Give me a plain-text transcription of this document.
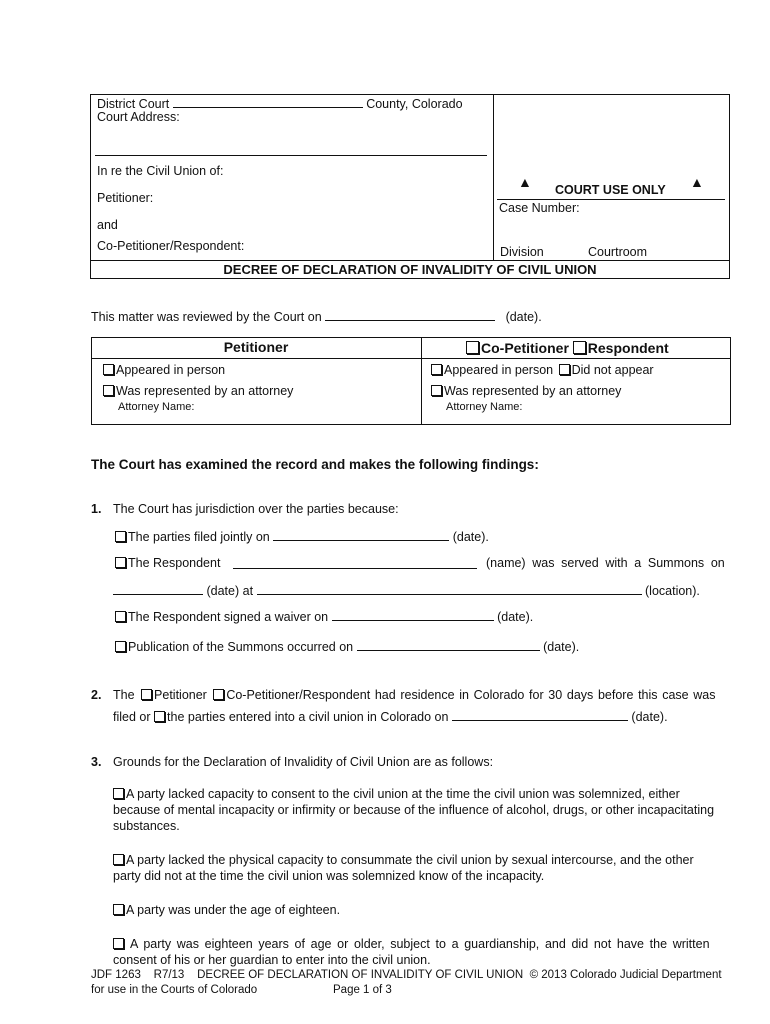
District Court	County, Colorado
Court Address:
In re the Civil Union of:
Petitioner:
and
Co-Petitioner/Respondent:
▲ COURT USE ONLY ▲
Case Number:
Division	Courtroom
DECREE OF DECLARATION OF INVALIDITY OF CIVIL UNION
This matter was reviewed by the Court on	(date).
Petitioner	Co-Petitioner Respondent
Appeared in person
Was represented by an attorney
Attorney Name:
Appeared in person Did not appear
Was represented by an attorney
Attorney Name:
The Court has examined the record and makes the following findings:
1. The Court has jurisdiction over the parties because:
The parties filed jointly on	(date).
The Respondent	(name) was served with a Summons on
(date) at	(location).
The Respondent signed a waiver on	(date).
Publication of the Summons occurred on	(date).
2. The Petitioner Co-Petitioner/Respondent had residence in Colorado for 30 days before this case was
filed or the parties entered into a civil union in Colorado on	(date).
3. Grounds for the Declaration of Invalidity of Civil Union are as follows:
A party lacked capacity to consent to the civil union at the time the civil union was solemnized, either because of mental incapacity or infirmity or because of the influence of alcohol, drugs, or other incapacitating substances.
A party lacked the physical capacity to consummate the civil union by sexual intercourse, and the other party did not at the time the civil union was solemnized know of the incapacity.
A party was under the age of eighteen.
A party was eighteen years of age or older, subject to a guardianship, and did not have the written
consent of his or her guardian to enter into the civil union.
JDF 1263    R7/13    DECREE OF DECLARATION OF INVALIDITY OF CIVIL UNION  © 2013 Colorado Judicial Department
for use in the Courts of Colorado	Page 1 of 3
